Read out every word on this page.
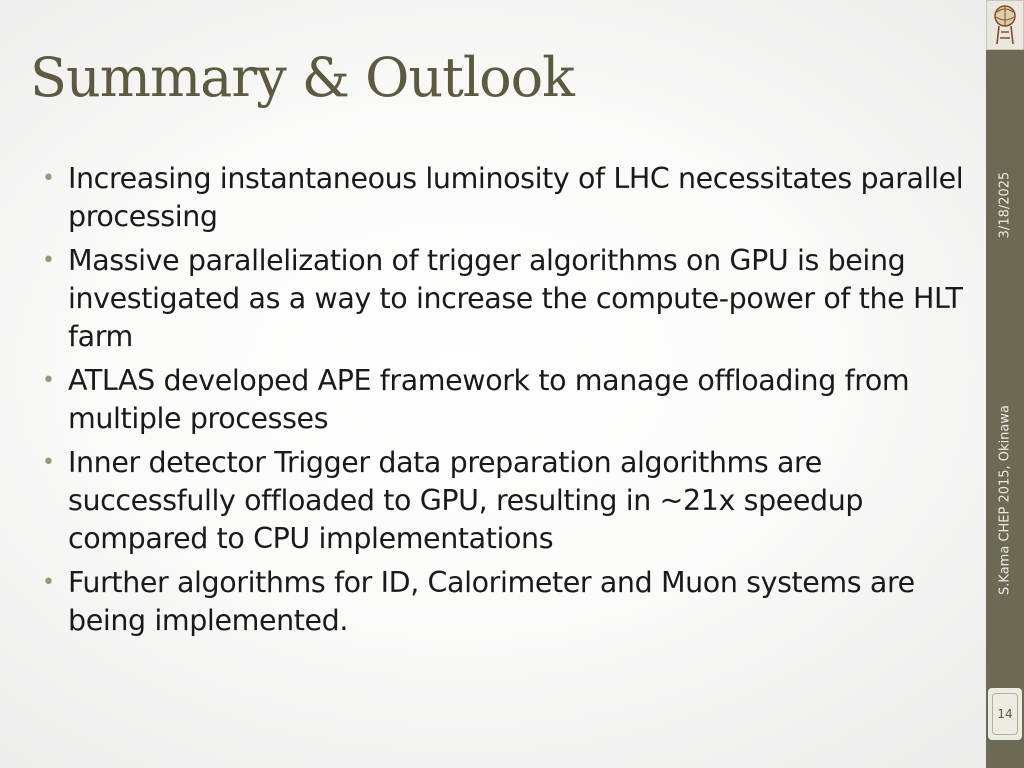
Summary & Outlook
• Increasing instantaneous luminosity of LHC necessitates parallel processing
• Massive parallelization of trigger algorithms on GPU is being investigated as a way to increase the compute-power of the HLT farm
• ATLAS developed APE framework to manage offloading from multiple processes
• Inner detector Trigger data preparation algorithms are successfully offloaded to GPU, resulting in ~21x speedup compared to CPU implementations
• Further algorithms for ID, Calorimeter and Muon systems are being implemented.
3/18/2025
S.Kama CHEP 2015, Okinawa
14
